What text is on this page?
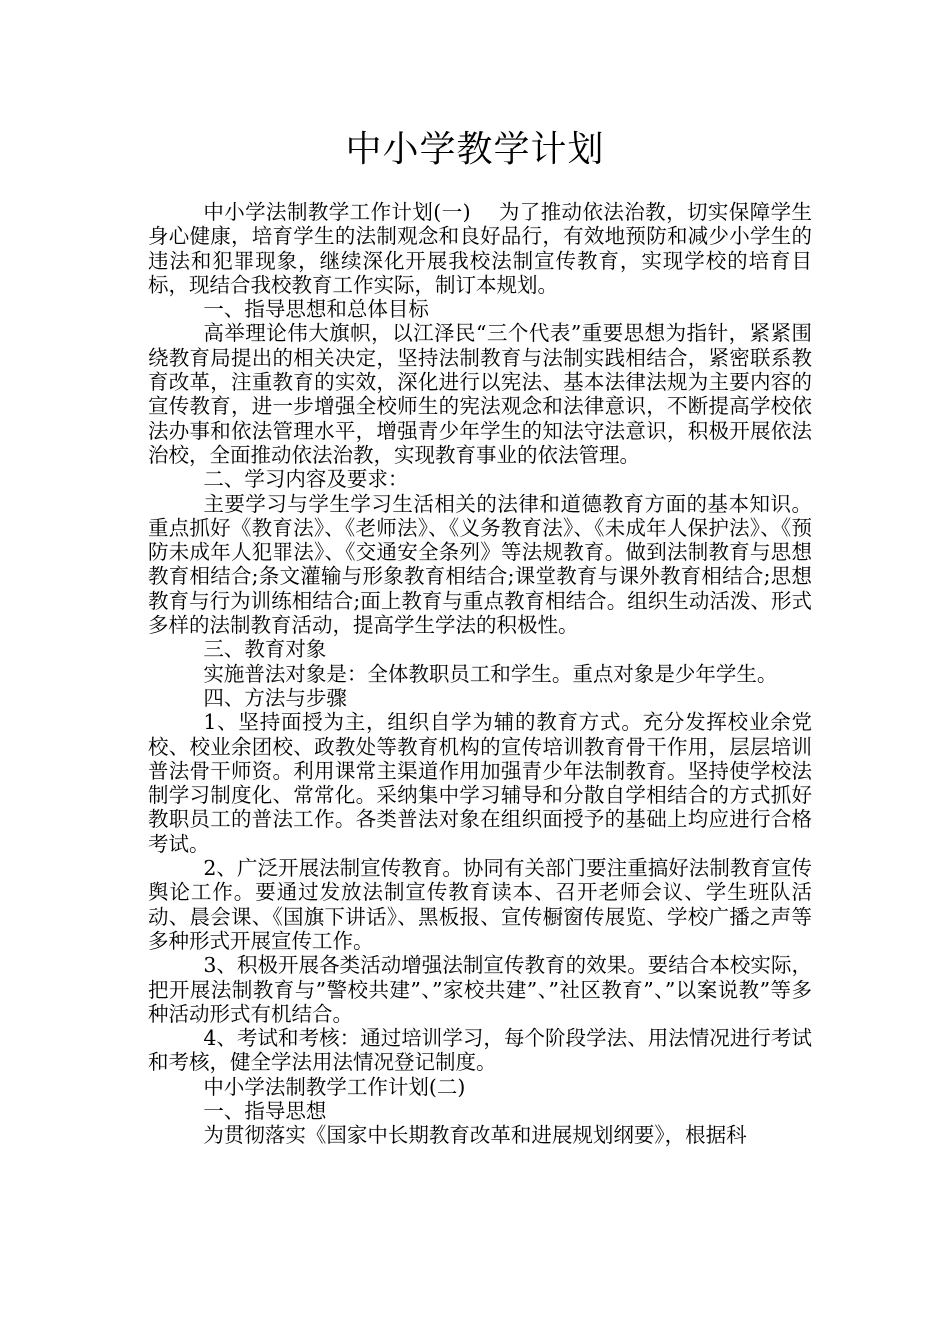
中小学教学计划

中小学法制教学工作计划(一)　 为了推动依法治教，切实保障学生身心健康，培育学生的法制观念和良好品行，有效地预防和减少小学生的违法和犯罪现象，继续深化开展我校法制宣传教育，实现学校的培育目标，现结合我校教育工作实际，制订本规划。

一、指导思想和总体目标

高举理论伟大旗帜，以江泽民“三个代表”重要思想为指针，紧紧围绕教育局提出的相关决定，坚持法制教育与法制实践相结合，紧密联系教育改革，注重教育的实效，深化进行以宪法、基本法律法规为主要内容的宣传教育，进一步增强全校师生的宪法观念和法律意识，不断提高学校依法办事和依法管理水平，增强青少年学生的知法守法意识，积极开展依法治校，全面推动依法治教，实现教育事业的依法管理。

二、学习内容及要求：

主要学习与学生学习生活相关的法律和道德教育方面的基本知识。重点抓好《教育法》、《老师法》、《义务教育法》、《未成年人保护法》、《预防未成年人犯罪法》、《交通安全条列》等法规教育。做到法制教育与思想教育相结合;条文灌输与形象教育相结合;课堂教育与课外教育相结合;思想教育与行为训练相结合;面上教育与重点教育相结合。组织生动活泼、形式多样的法制教育活动，提高学生学法的积极性。

三、教育对象

实施普法对象是：全体教职员工和学生。重点对象是少年学生。

四、方法与步骤

1、坚持面授为主，组织自学为辅的教育方式。充分发挥校业余党校、校业余团校、政教处等教育机构的宣传培训教育骨干作用，层层培训普法骨干师资。利用课常主渠道作用加强青少年法制教育。坚持使学校法制学习制度化、常常化。采纳集中学习辅导和分散自学相结合的方式抓好教职员工的普法工作。各类普法对象在组织面授予的基础上均应进行合格考试。

2、广泛开展法制宣传教育。协同有关部门要注重搞好法制教育宣传舆论工作。要通过发放法制宣传教育读本、召开老师会议、学生班队活动、晨会课、《国旗下讲话》、黑板报、宣传橱窗传展览、学校广播之声等多种形式开展宣传工作。

3、积极开展各类活动增强法制宣传教育的效果。要结合本校实际，把开展法制教育与”警校共建”、”家校共建”、”社区教育”、”以案说教”等多种活动形式有机结合。

4、考试和考核：通过培训学习，每个阶段学法、用法情况进行考试和考核，健全学法用法情况登记制度。

中小学法制教学工作计划(二)

一、指导思想

为贯彻落实《国家中长期教育改革和进展规划纲要》，根据科
